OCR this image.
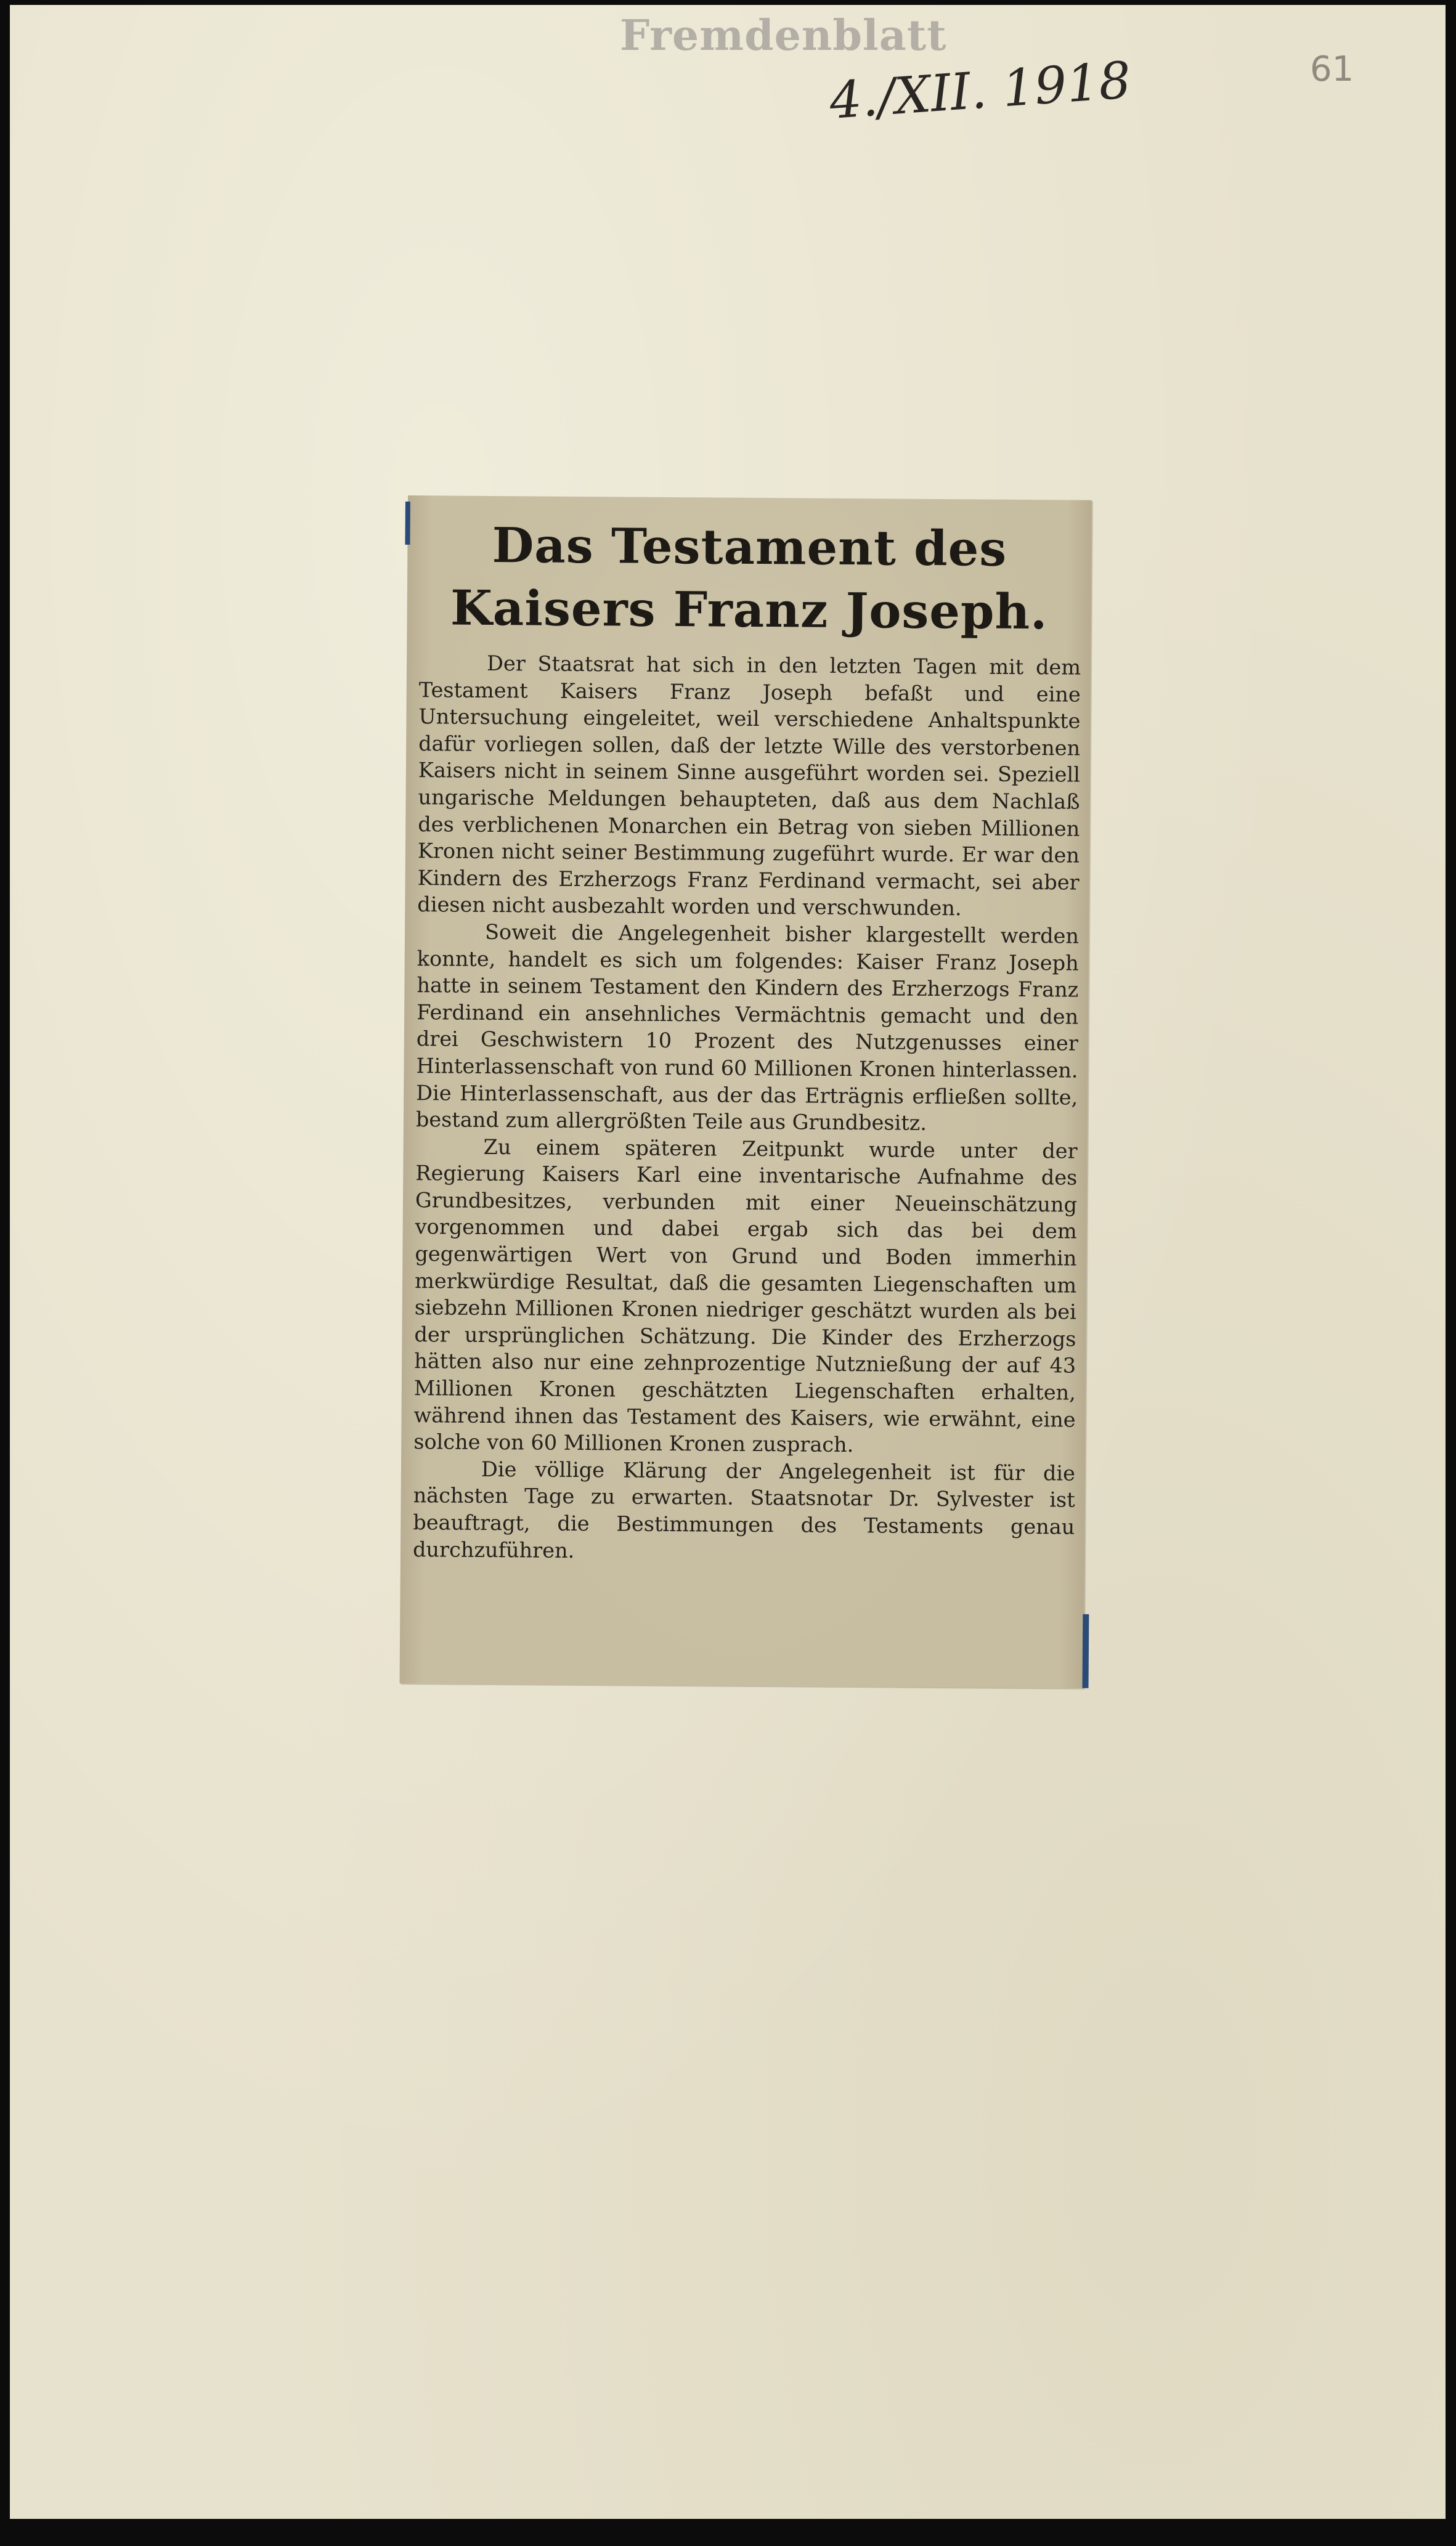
Fremdenblatt
4./XII. 1918	61
Das Testament des Kaisers Franz Joseph.

Der Staatsrat hat sich in den letzten Tagen mit dem Testament Kaisers Franz Joseph befaßt und eine Untersuchung eingeleitet, weil verschiedene Anhaltspunkte dafür vorliegen sollen, daß der letzte Wille des verstorbenen Kaisers nicht in seinem Sinne ausgeführt worden sei. Speziell ungarische Meldungen behaupteten, daß aus dem Nachlaß des verblichenen Monarchen ein Betrag von sieben Millionen Kronen nicht seiner Bestimmung zugeführt wurde. Er war den Kindern des Erzherzogs Franz Ferdinand vermacht, sei aber diesen nicht ausbezahlt worden und verschwunden.

Soweit die Angelegenheit bisher klargestellt werden konnte, handelt es sich um folgendes: Kaiser Franz Joseph hatte in seinem Testament den Kindern des Erzherzogs Franz Ferdinand ein ansehnliches Vermächtnis gemacht und den drei Geschwistern 10 Prozent des Nutzgenusses einer Hinterlassenschaft von rund 60 Millionen Kronen hinterlassen. Die Hinterlassenschaft, aus der das Erträgnis erfließen sollte, bestand zum allergrößten Teile aus Grundbesitz.

Zu einem späteren Zeitpunkt wurde unter der Regierung Kaisers Karl eine inventarische Aufnahme des Grundbesitzes, verbunden mit einer Neueinschätzung vorgenommen und dabei ergab sich das bei dem gegenwärtigen Wert von Grund und Boden immerhin merkwürdige Resultat, daß die gesamten Liegenschaften um siebzehn Millionen Kronen niedriger geschätzt wurden als bei der ursprünglichen Schätzung. Die Kinder des Erzherzogs hätten also nur eine zehnprozentige Nutznießung der auf 43 Millionen Kronen geschätzten Liegenschaften erhalten, während ihnen das Testament des Kaisers, wie erwähnt, eine solche von 60 Millionen Kronen zusprach.

Die völlige Klärung der Angelegenheit ist für die nächsten Tage zu erwarten. Staatsnotar Dr. Sylvester ist beauftragt, die Bestimmungen des Testaments genau durchzuführen.
